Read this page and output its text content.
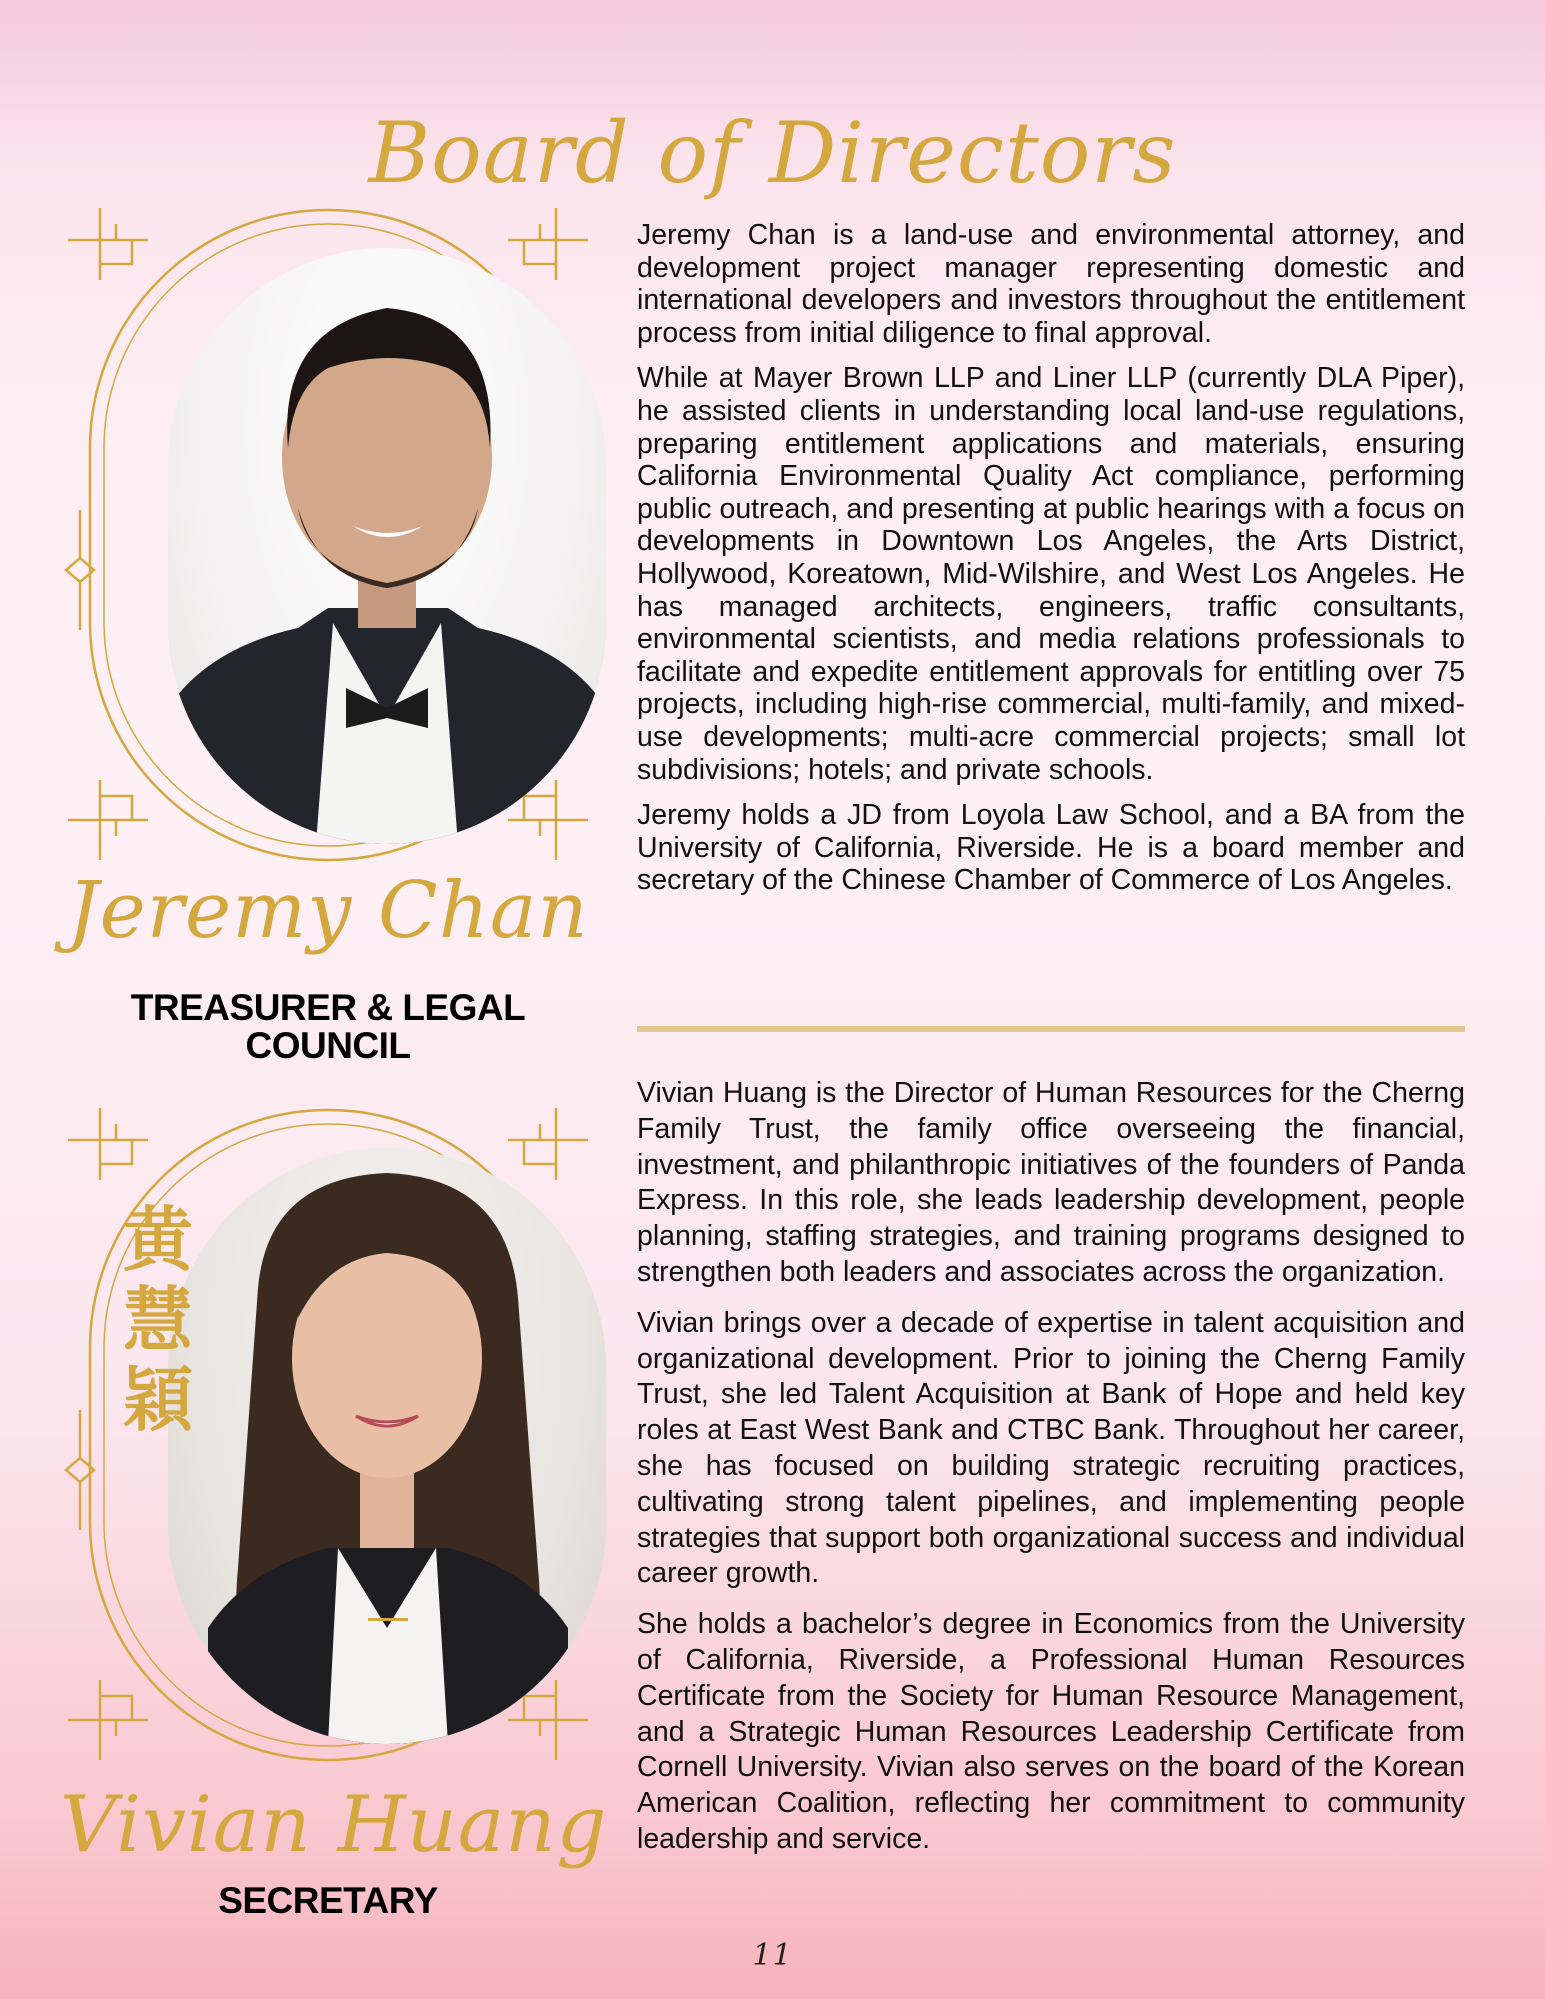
Board of Directors
Jeremy Chan
TREASURER & LEGAL COUNCIL

Jeremy Chan is a land-use and environmental attorney, and development project manager representing domestic and international developers and investors throughout the entitlement process from initial diligence to final approval.

While at Mayer Brown LLP and Liner LLP (currently DLA Piper), he assisted clients in understanding local land-use regulations, preparing entitlement applications and materials, ensuring California Environmental Quality Act compliance, performing public outreach, and presenting at public hearings with a focus on developments in Downtown Los Angeles, the Arts District, Hollywood, Koreatown, Mid-Wilshire, and West Los Angeles. He has managed architects, engineers, traffic consultants, environmental scientists, and media relations professionals to facilitate and expedite entitlement approvals for entitling over 75 projects, including high-rise commercial, multi-family, and mixed-use developments; multi-acre commercial projects; small lot subdivisions; hotels; and private schools.

Jeremy holds a JD from Loyola Law School, and a BA from the University of California, Riverside. He is a board member and secretary of the Chinese Chamber of Commerce of Los Angeles.

黄
慧
穎
Vivian Huang
SECRETARY

Vivian Huang is the Director of Human Resources for the Cherng Family Trust, the family office overseeing the financial, investment, and philanthropic initiatives of the founders of Panda Express. In this role, she leads leadership development, people planning, staffing strategies, and training programs designed to strengthen both leaders and associates across the organization.

Vivian brings over a decade of expertise in talent acquisition and organizational development. Prior to joining the Cherng Family Trust, she led Talent Acquisition at Bank of Hope and held key roles at East West Bank and CTBC Bank. Throughout her career, she has focused on building strategic recruiting practices, cultivating strong talent pipelines, and implementing people strategies that support both organizational success and individual career growth.

She holds a bachelor’s degree in Economics from the University of California, Riverside, a Professional Human Resources Certificate from the Society for Human Resource Management, and a Strategic Human Resources Leadership Certificate from Cornell University. Vivian also serves on the board of the Korean American Coalition, reflecting her commitment to community leadership and service.

11
